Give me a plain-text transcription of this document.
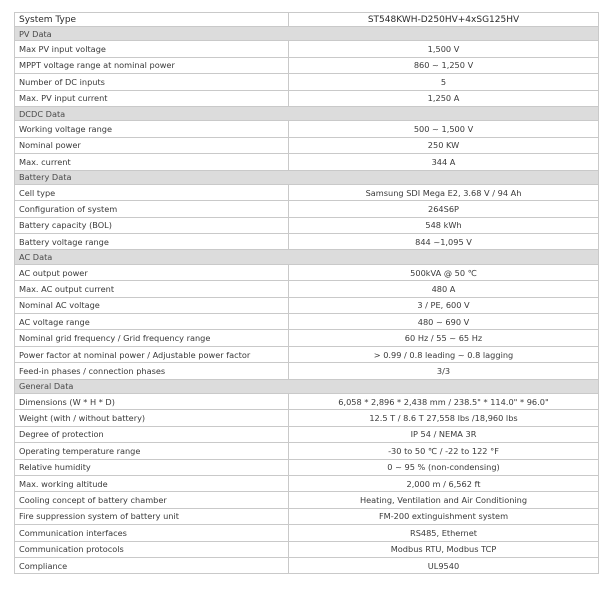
System Type	ST548KWH-D250HV+4xSG125HV
PV Data	
Max PV input voltage	1,500 V
MPPT voltage range at nominal power	860 ~ 1,250 V
Number of DC inputs	5
Max. PV input current	1,250 A
DCDC Data	
Working voltage range	500 ~ 1,500 V
Nominal power	250 KW
Max. current	344 A
Battery Data	
Cell type	Samsung SDI Mega E2, 3.68 V / 94 Ah
Configuration of system	264S6P
Battery capacity (BOL)	548 kWh
Battery voltage range	844 ~1,095 V
AC Data	
AC output power	500kVA @ 50 ℃
Max. AC output current	480 A
Nominal AC voltage	3 / PE, 600 V
AC voltage range	480 ~ 690 V
Nominal grid frequency / Grid frequency range	60 Hz / 55 ~ 65 Hz
Power factor at nominal power / Adjustable power factor	> 0.99 / 0.8 leading ~ 0.8 lagging
Feed-in phases / connection phases	3/3
General Data	
Dimensions (W * H * D)	6,058 * 2,896 * 2,438 mm / 238.5" * 114.0" * 96.0"
Weight (with / without battery)	12.5 T / 8.6 T 27,558 lbs /18,960 lbs
Degree of protection	IP 54 / NEMA 3R
Operating temperature range	-30 to 50 ℃ / -22 to 122 °F
Relative humidity	0 ~ 95 % (non-condensing)
Max. working altitude	2,000 m / 6,562 ft
Cooling concept of battery chamber	Heating, Ventilation and Air Conditioning
Fire suppression system of battery unit	FM-200 extinguishment system
Communication interfaces	RS485, Ethernet
Communication protocols	Modbus RTU, Modbus TCP
Compliance	UL9540
